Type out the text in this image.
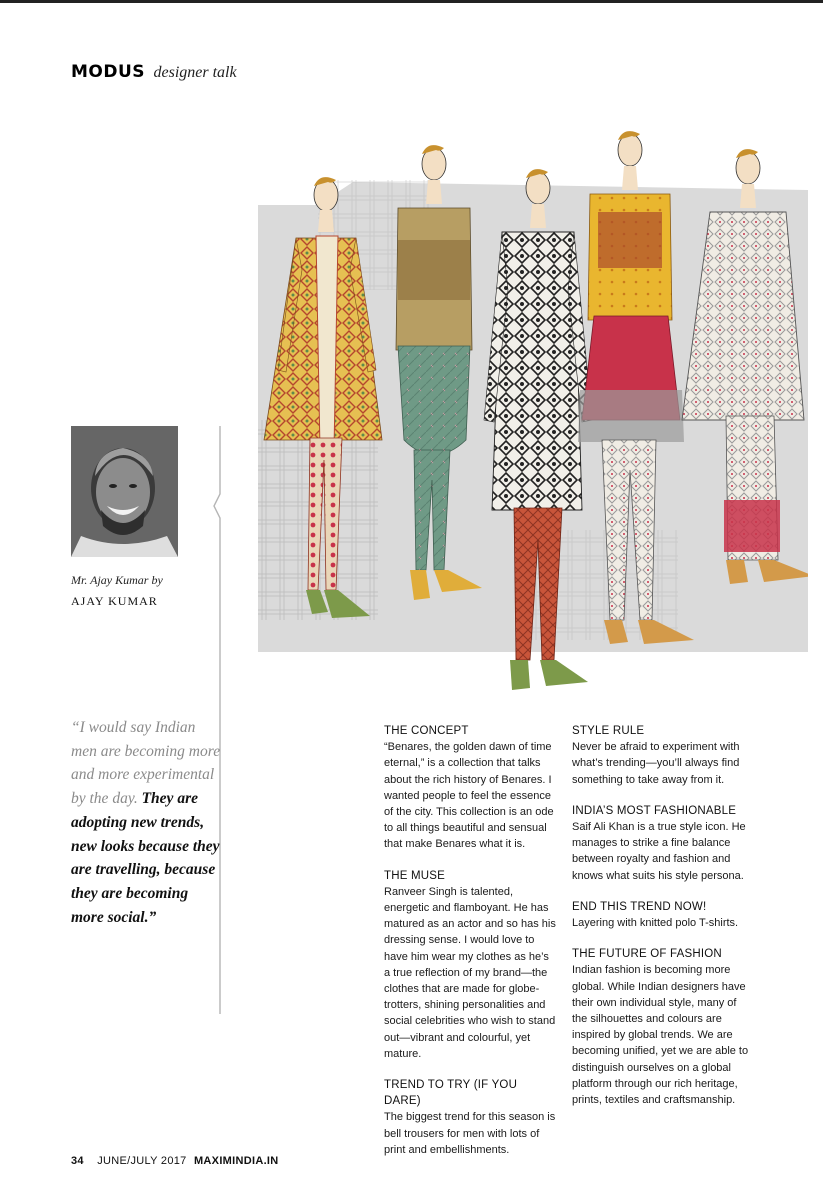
MODUS designer talk
Mr. Ajay Kumar by
AJAY KUMAR
“I would say Indian men are becoming more and more experimental by the day. They are adopting new trends, new looks because they are travelling, because they are becoming more social.”
THE CONCEPT
“Benares, the golden dawn of time eternal,” is a collection that talks about the rich history of Benares. I wanted people to feel the essence of the city. This collection is an ode to all things beautiful and sensual that make Benares what it is.
THE MUSE
Ranveer Singh is talented, energetic and flamboyant. He has matured as an actor and so has his dressing sense. I would love to have him wear my clothes as he’s a true reflection of my brand—the clothes that are made for globe-trotters, shining personalities and social celebrities who wish to stand out—vibrant and colourful, yet mature.
TREND TO TRY (IF YOU DARE)
The biggest trend for this season is bell trousers for men with lots of print and embellishments.
STYLE RULE
Never be afraid to experiment with what’s trending—you’ll always find something to take away from it.
INDIA’S MOST FASHIONABLE
Saif Ali Khan is a true style icon. He manages to strike a fine balance between royalty and fashion and knows what suits his style persona.
END THIS TREND NOW!
Layering with knitted polo T-shirts.
THE FUTURE OF FASHION
Indian fashion is becoming more global. While Indian designers have their own individual style, many of the silhouettes and colours are inspired by global trends. We are becoming unified, yet we are able to distinguish ourselves on a global platform through our rich heritage, prints, textiles and craftsmanship.
34 JUNE/JULY 2017 MAXIMINDIA.IN
